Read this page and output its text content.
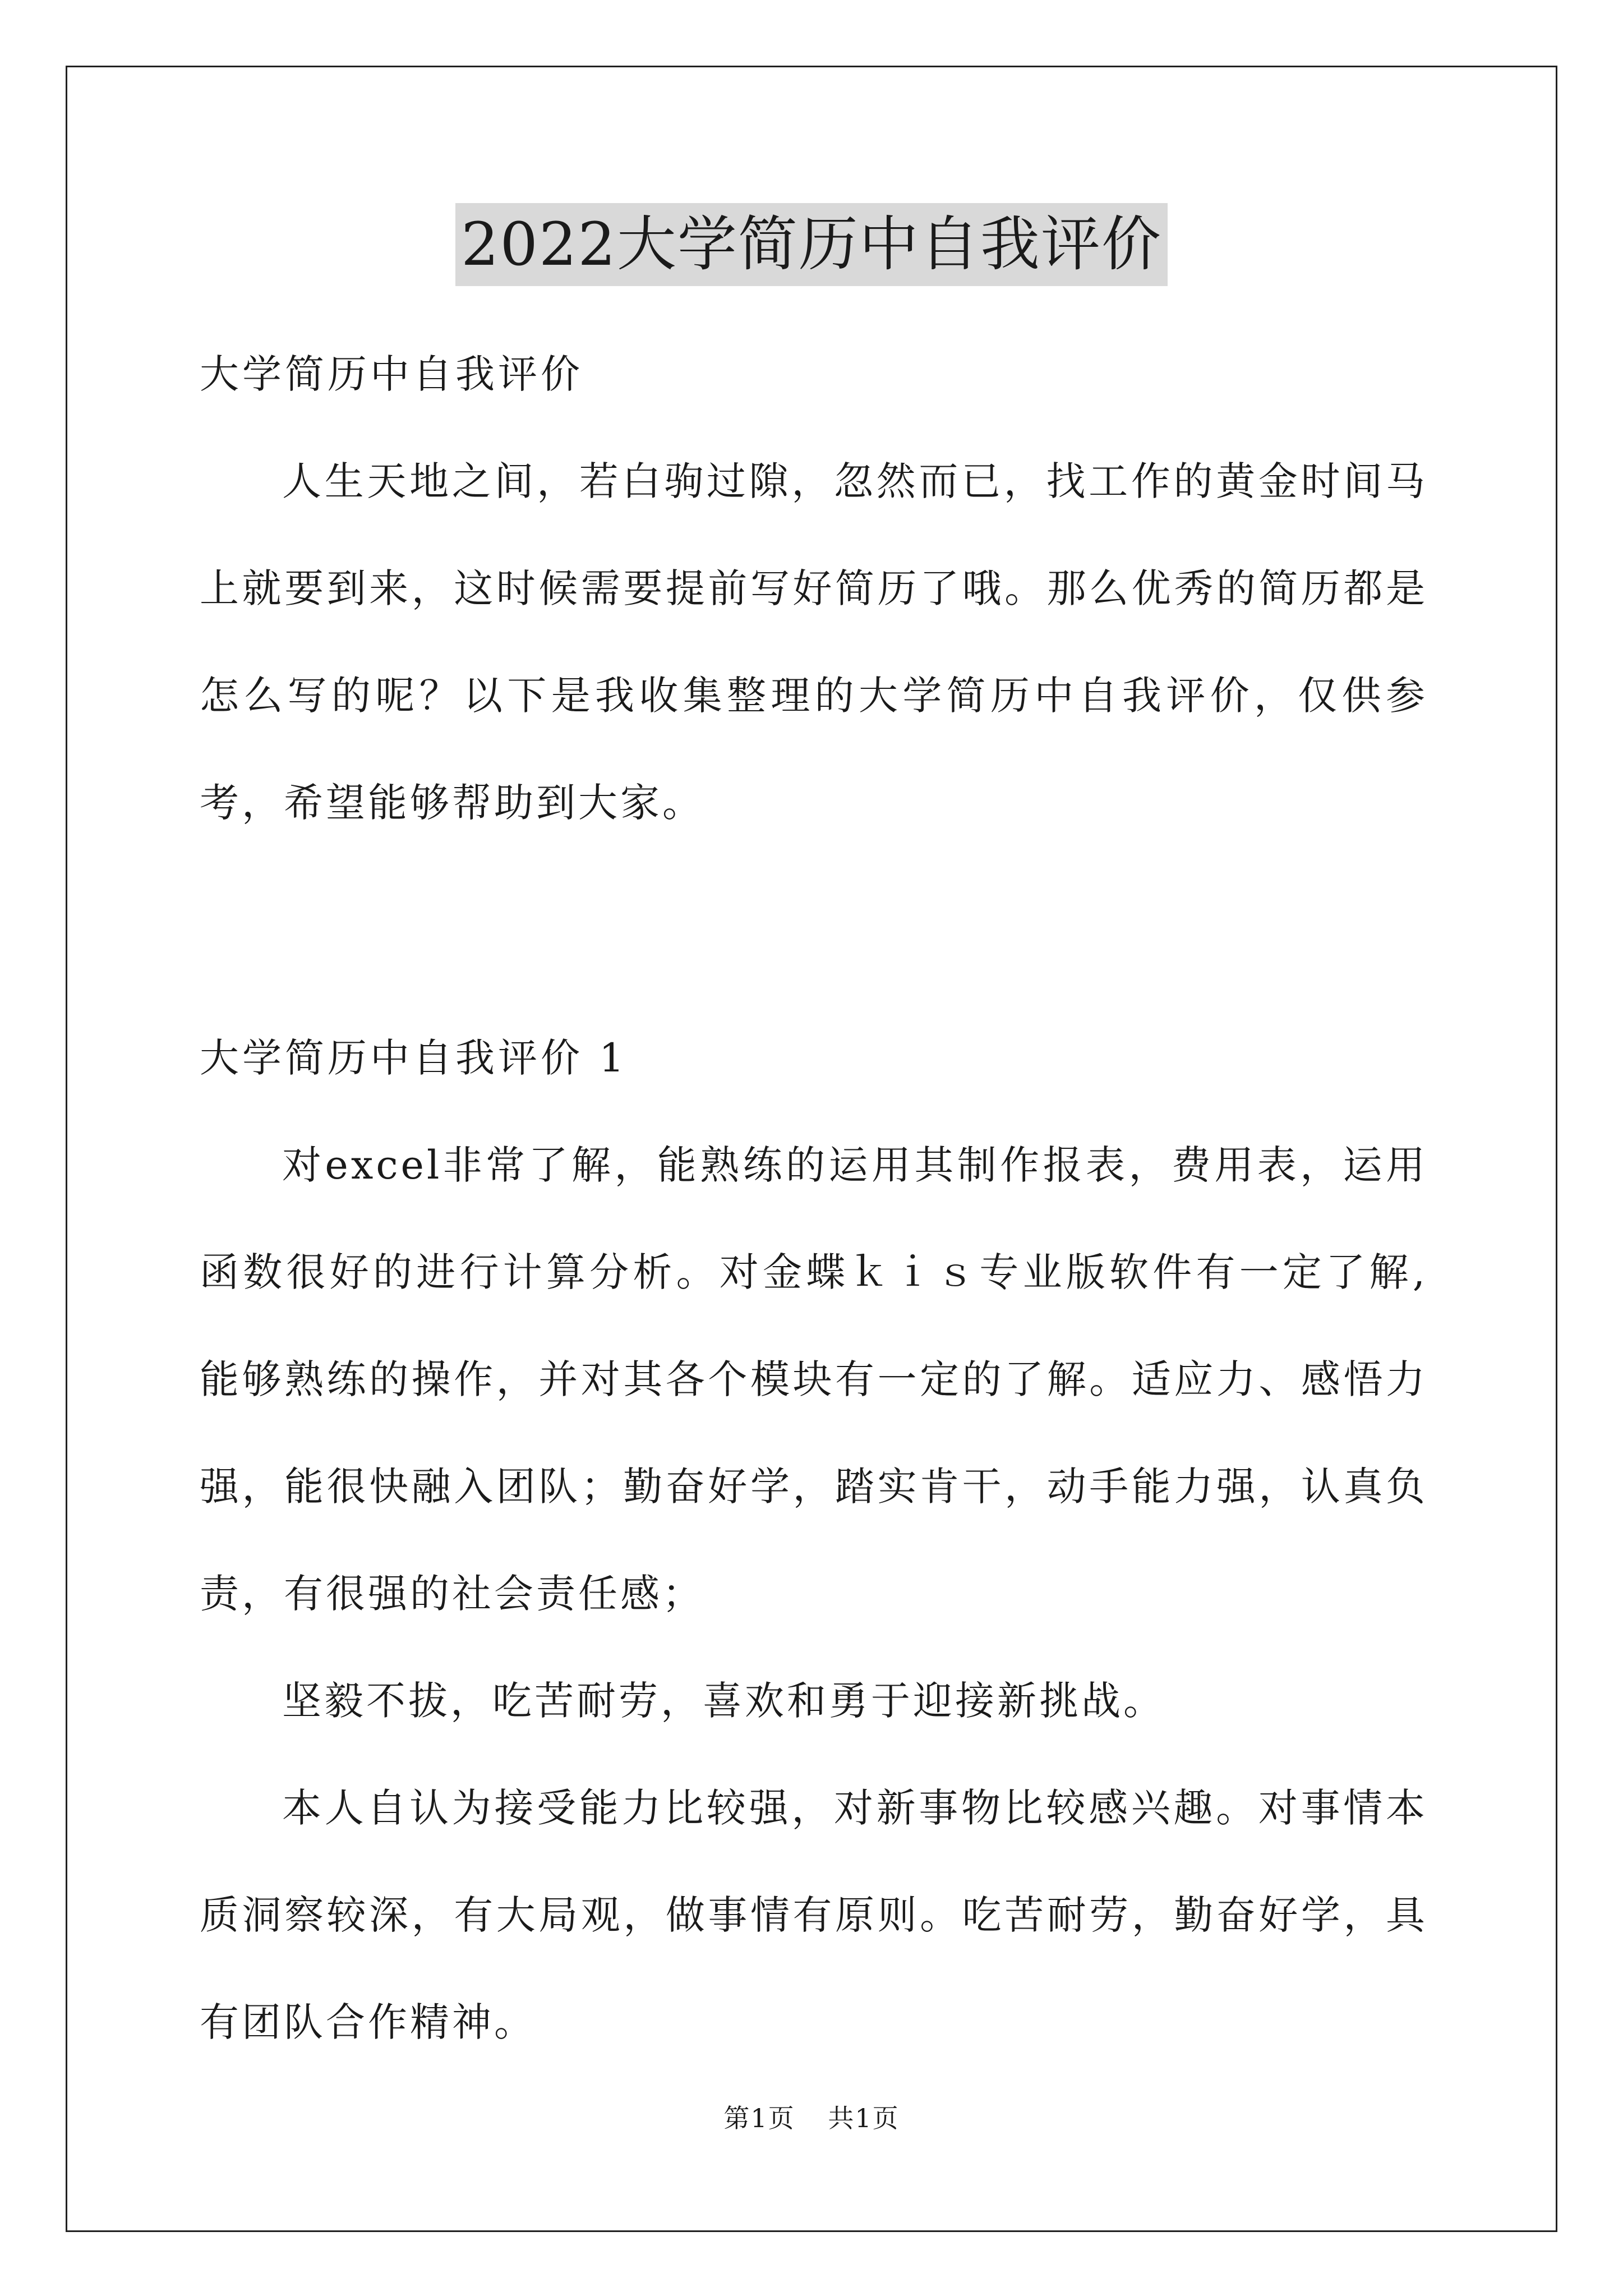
2022大学简历中自我评价

大学简历中自我评价

人生天地之间，若白驹过隙，忽然而已，找工作的黄金时间马上就要到来，这时候需要提前写好简历了哦。那么优秀的简历都是怎么写的呢？以下是我收集整理的大学简历中自我评价，仅供参考，希望能够帮助到大家。

大学简历中自我评价 1

对excel非常了解，能熟练的运用其制作报表，费用表，运用函数很好的进行计算分析。对金蝶ｋｉｓ专业版软件有一定了解,能够熟练的操作，并对其各个模块有一定的了解。适应力、感悟力强，能很快融入团队；勤奋好学，踏实肯干，动手能力强，认真负责，有很强的社会责任感；

坚毅不拔，吃苦耐劳，喜欢和勇于迎接新挑战。

本人自认为接受能力比较强，对新事物比较感兴趣。对事情本质洞察较深，有大局观，做事情有原则。吃苦耐劳，勤奋好学，具有团队合作精神。

第1页 共1页
